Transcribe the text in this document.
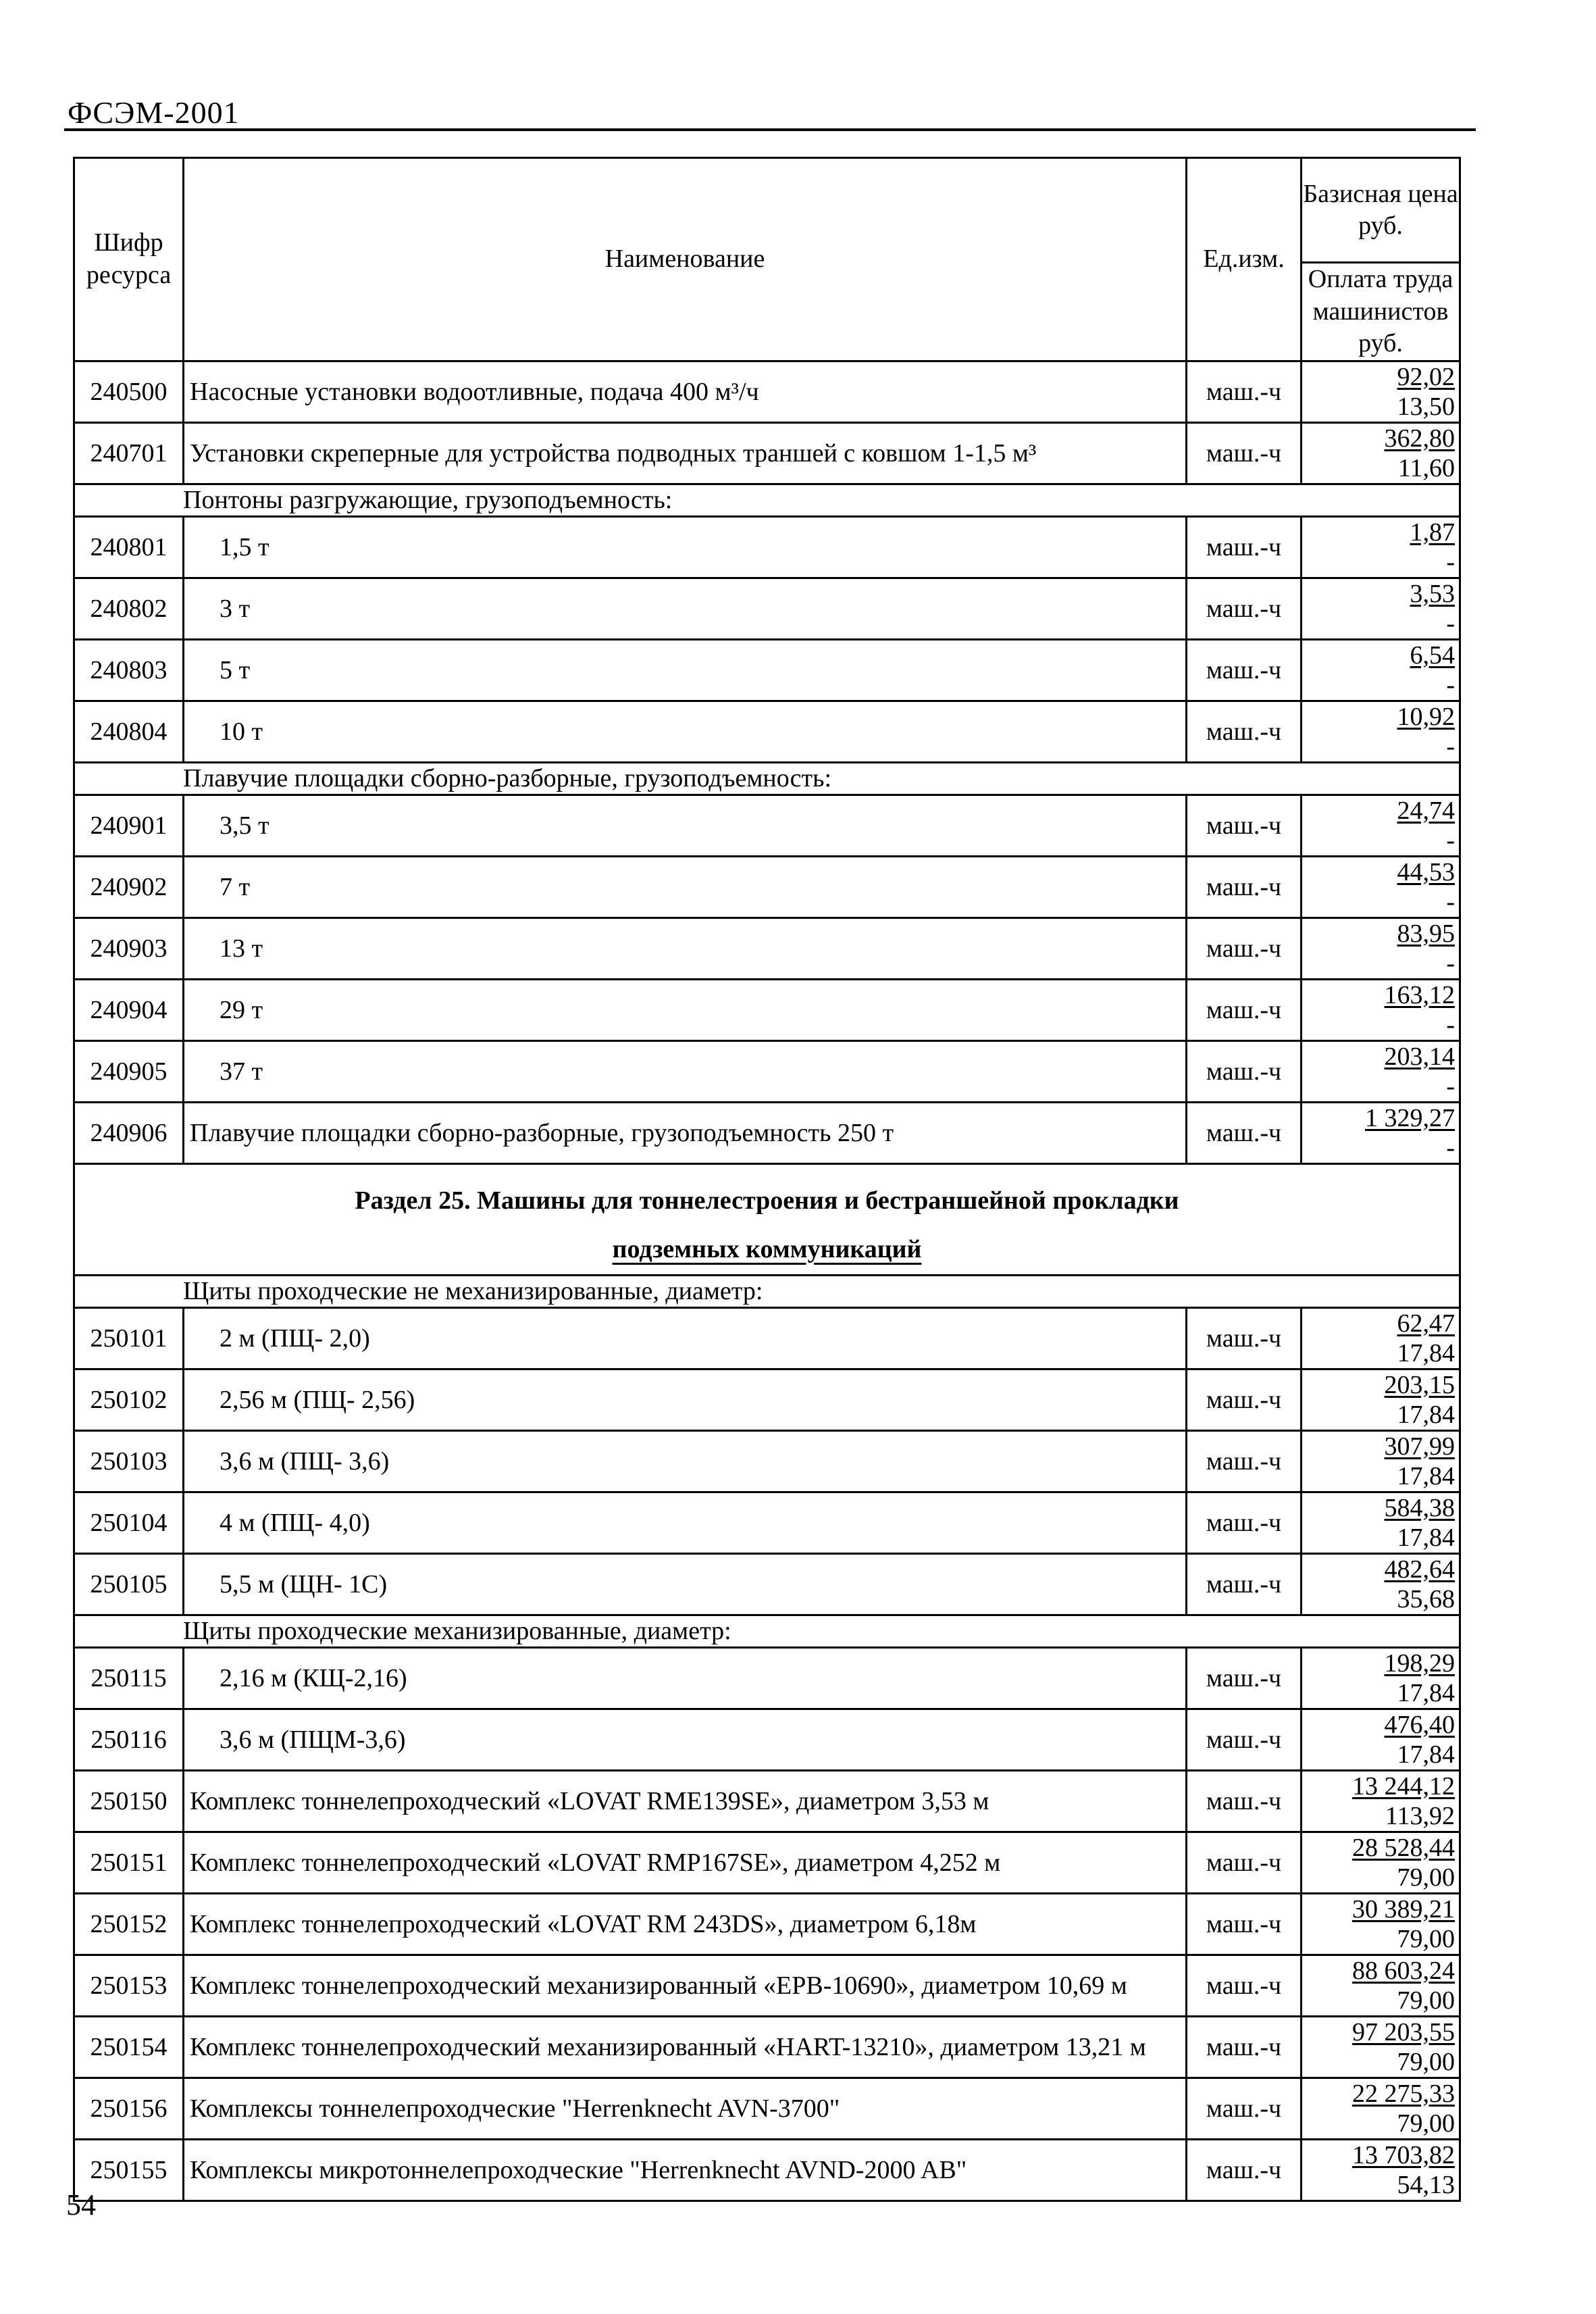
ФСЭМ-2001
Шифр ресурса	Наименование	Ед.изм.	Базисная цена руб.
			Оплата труда машинистов руб.
240500	Насосные установки водоотливные, подача 400 м³/ч	маш.-ч	92,02
13,50

240701	Установки скреперные для устройства подводных траншей с ковшом 1-1,5 м³	маш.-ч	362,80
11,60

Понтоны разгружающие, грузоподъемность:			
240801	1,5 т	маш.-ч	1,87
-

240802	3 т	маш.-ч	3,53
-

240803	5 т	маш.-ч	6,54
-

240804	10 т	маш.-ч	10,92
-

Плавучие площадки сборно-разборные, грузоподъемность:			
240901	3,5 т	маш.-ч	24,74
-

240902	7 т	маш.-ч	44,53
-

240903	13 т	маш.-ч	83,95
-

240904	29 т	маш.-ч	163,12
-

240905	37 т	маш.-ч	203,14
-

240906	Плавучие площадки сборно-разборные, грузоподъемность 250 т	маш.-ч	1 329,27
-

Раздел 25. Машины для тоннелестроения и бестраншейной прокладки
подземных коммуникаций			

Щиты проходческие не механизированные, диаметр:			
250101	2 м (ПЩ- 2,0)	маш.-ч	62,47
17,84

250102	2,56 м (ПЩ- 2,56)	маш.-ч	203,15
17,84

250103	3,6 м (ПЩ- 3,6)	маш.-ч	307,99
17,84

250104	4 м (ПЩ- 4,0)	маш.-ч	584,38
17,84

250105	5,5 м (ЩН- 1С)	маш.-ч	482,64
35,68

Щиты проходческие механизированные, диаметр:			
250115	2,16 м (КЩ-2,16)	маш.-ч	198,29
17,84

250116	3,6 м (ПЩМ-3,6)	маш.-ч	476,40
17,84

250150	Комплекс тоннелепроходческий «LOVAT RME139SE», диаметром 3,53 м	маш.-ч	13 244,12
113,92

250151	Комплекс тоннелепроходческий «LOVAT RMP167SE», диаметром 4,252 м	маш.-ч	28 528,44
79,00

250152	Комплекс тоннелепроходческий «LOVAT RM 243DS», диаметром 6,18м	маш.-ч	30 389,21
79,00

250153	Комплекс тоннелепроходческий механизированный «EPB-10690», диаметром 10,69 м	маш.-ч	88 603,24
79,00

250154	Комплекс тоннелепроходческий механизированный «HART-13210», диаметром 13,21 м	маш.-ч	97 203,55
79,00

250156	Комплексы тоннелепроходческие "Herrenknecht AVN-3700"	маш.-ч	22 275,33
79,00

250155	Комплексы микротоннелепроходческие "Herrenknecht AVND-2000 AB"	маш.-ч	13 703,82
54,13
54
